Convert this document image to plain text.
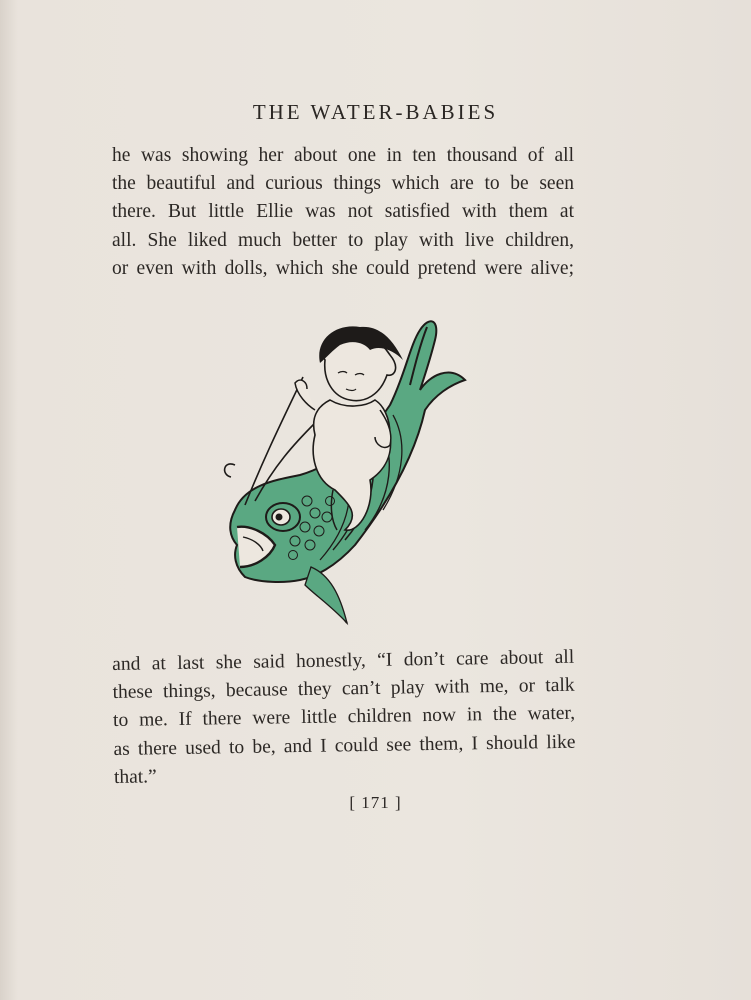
THE WATER-BABIES
he was showing her about one in ten thousand of all
the beautiful and curious things which are to be seen
there. But little Ellie was not satisfied with them at
all. She liked much better to play with live children,
or even with dolls, which she could pretend were alive;
and at last she said honestly, “I don’t care about all
these things, because they can’t play with me, or talk
to me. If there were little children now in the water,
as there used to be, and I could see them, I should like
that.”
[ 171 ]
